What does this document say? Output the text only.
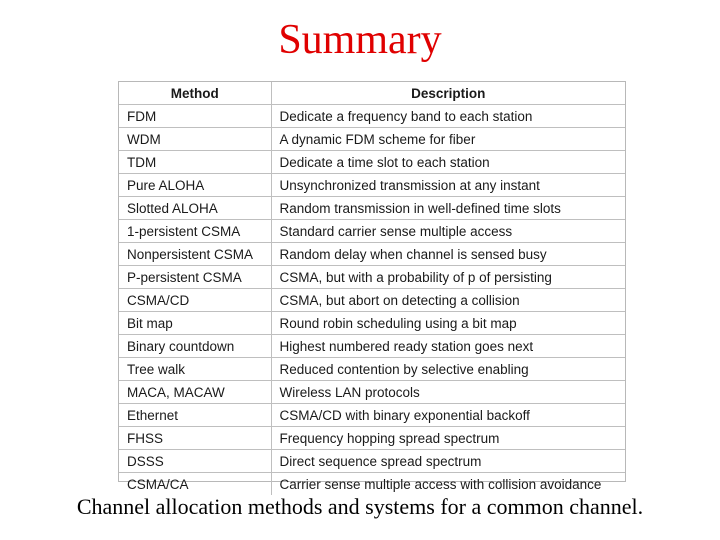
Summary
Method	Description
FDM	Dedicate a frequency band to each station
WDM	A dynamic FDM scheme for fiber
TDM	Dedicate a time slot to each station
Pure ALOHA	Unsynchronized transmission at any instant
Slotted ALOHA	Random transmission in well-defined time slots
1-persistent CSMA	Standard carrier sense multiple access
Nonpersistent CSMA	Random delay when channel is sensed busy
P-persistent CSMA	CSMA, but with a probability of p of persisting
CSMA/CD	CSMA, but abort on detecting a collision
Bit map	Round robin scheduling using a bit map
Binary countdown	Highest numbered ready station goes next
Tree walk	Reduced contention by selective enabling
MACA, MACAW	Wireless LAN protocols
Ethernet	CSMA/CD with binary exponential backoff
FHSS	Frequency hopping spread spectrum
DSSS	Direct sequence spread spectrum
CSMA/CA	Carrier sense multiple access with collision avoidance
Channel allocation methods and systems for a common channel.
